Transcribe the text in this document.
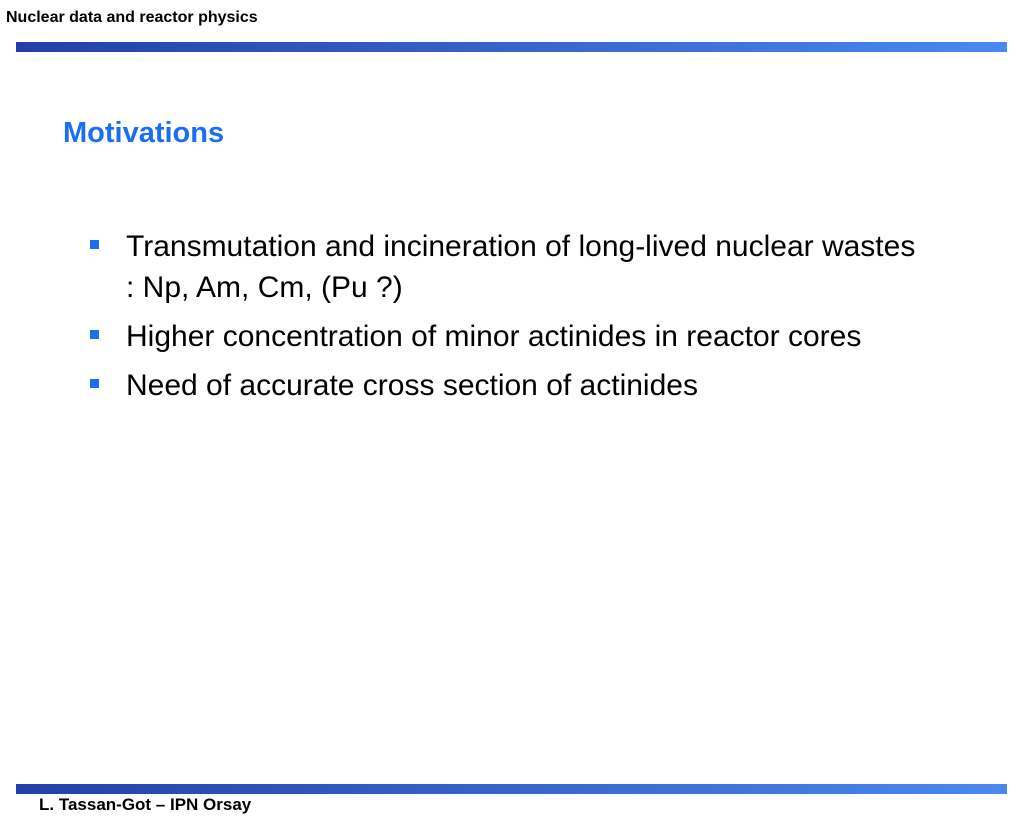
Nuclear data and reactor physics
Motivations
Transmutation and incineration of long-lived nuclear wastes : Np, Am, Cm, (Pu ?)
Higher concentration of minor actinides in reactor cores
Need of accurate cross section of actinides
L. Tassan-Got – IPN Orsay
